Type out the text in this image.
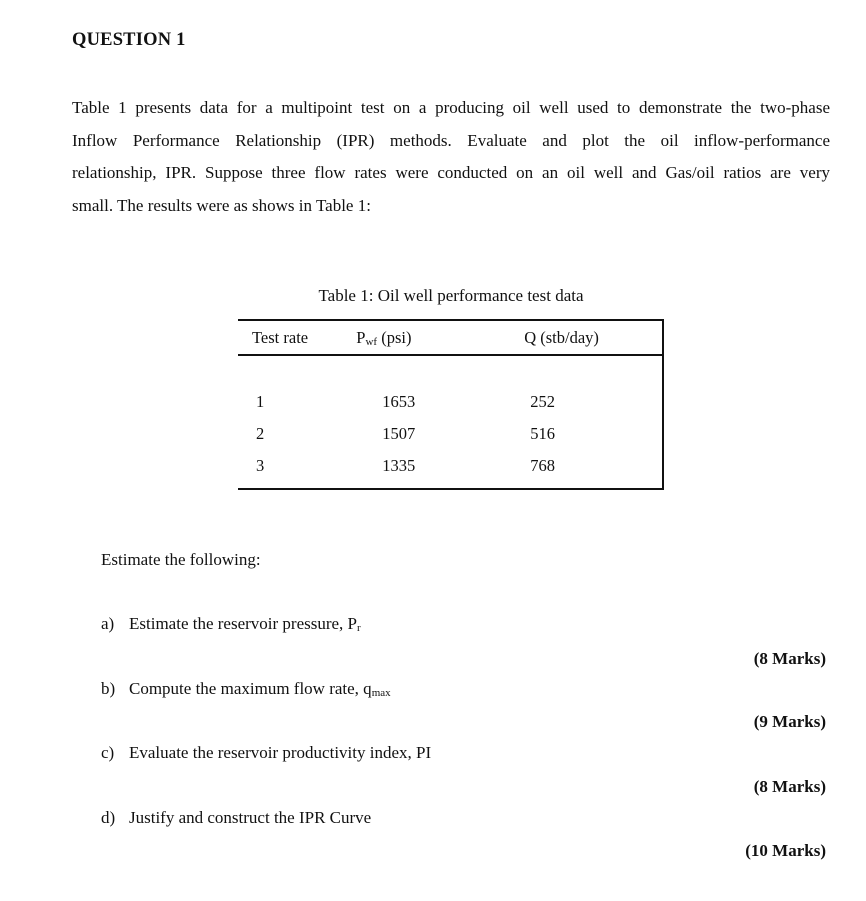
QUESTION 1
Table 1 presents data for a multipoint test on a producing oil well used to demonstrate the two-phase
Inflow Performance Relationship (IPR) methods. Evaluate and plot the oil inflow-performance
relationship, IPR. Suppose three flow rates were conducted on an oil well and Gas/oil ratios are very
small. The results were as shows in Table 1:
Table 1: Oil well performance test data
Test rate	$P_{wf}$ (psi)	Q (stb/day)

1	1653	252
2	1507	516
3	1335	768
Estimate the following:
a) Estimate the reservoir pressure, $P_r$
(8 Marks)
b) Compute the maximum flow rate, $q_{max}$
(9 Marks)
c) Evaluate the reservoir productivity index, PI
(8 Marks)
d) Justify and construct the IPR Curve
(10 Marks)
